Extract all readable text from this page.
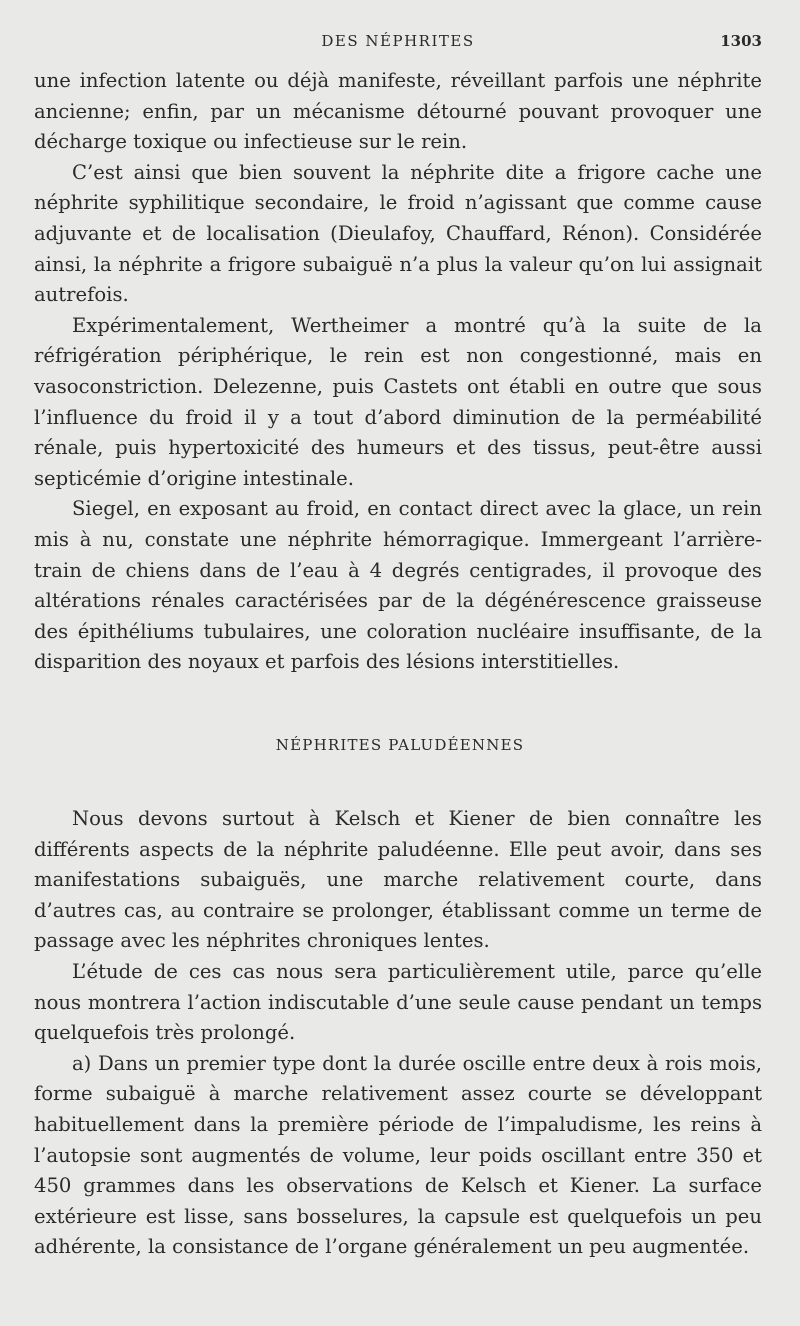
DES NÉPHRITES	1303

une infection latente ou déjà manifeste, réveillant parfois une néphrite ancienne; enfin, par un mécanisme détourné pouvant provoquer une décharge toxique ou infectieuse sur le rein.

C’est ainsi que bien souvent la néphrite dite a frigore cache une néphrite syphilitique secondaire, le froid n’agissant que comme cause adjuvante et de localisation (Dieulafoy, Chauffard, Rénon). Considérée ainsi, la néphrite a frigore subaiguë n’a plus la valeur qu’on lui assignait autrefois.

Expérimentalement, Wertheimer a montré qu’à la suite de la réfrigération périphérique, le rein est non congestionné, mais en vasoconstriction. Delezenne, puis Castets ont établi en outre que sous l’influence du froid il y a tout d’abord diminution de la perméabilité rénale, puis hypertoxicité des humeurs et des tissus, peut-être aussi septicémie d’origine intestinale.

Siegel, en exposant au froid, en contact direct avec la glace, un rein mis à nu, constate une néphrite hémorragique. Immergeant l’arrière-train de chiens dans de l’eau à 4 degrés centigrades, il provoque des altérations rénales caractérisées par de la dégénérescence graisseuse des épithéliums tubulaires, une coloration nucléaire insuffisante, de la disparition des noyaux et parfois des lésions interstitielles.

NÉPHRITES PALUDÉENNES

Nous devons surtout à Kelsch et Kiener de bien connaître les différents aspects de la néphrite paludéenne. Elle peut avoir, dans ses manifestations subaiguës, une marche relativement courte, dans d’autres cas, au contraire se prolonger, établissant comme un terme de passage avec les néphrites chroniques lentes.

L’étude de ces cas nous sera particulièrement utile, parce qu’elle nous montrera l’action indiscutable d’une seule cause pendant un temps quelquefois très prolongé.

a) Dans un premier type dont la durée oscille entre deux à rois mois, forme subaiguë à marche relativement assez courte se développant habituellement dans la première période de l’impaludisme, les reins à l’autopsie sont augmentés de volume, leur poids oscillant entre 350 et 450 grammes dans les observations de Kelsch et Kiener. La surface extérieure est lisse, sans bosselures, la capsule est quelquefois un peu adhérente, la consistance de l’organe généralement un peu augmentée.
